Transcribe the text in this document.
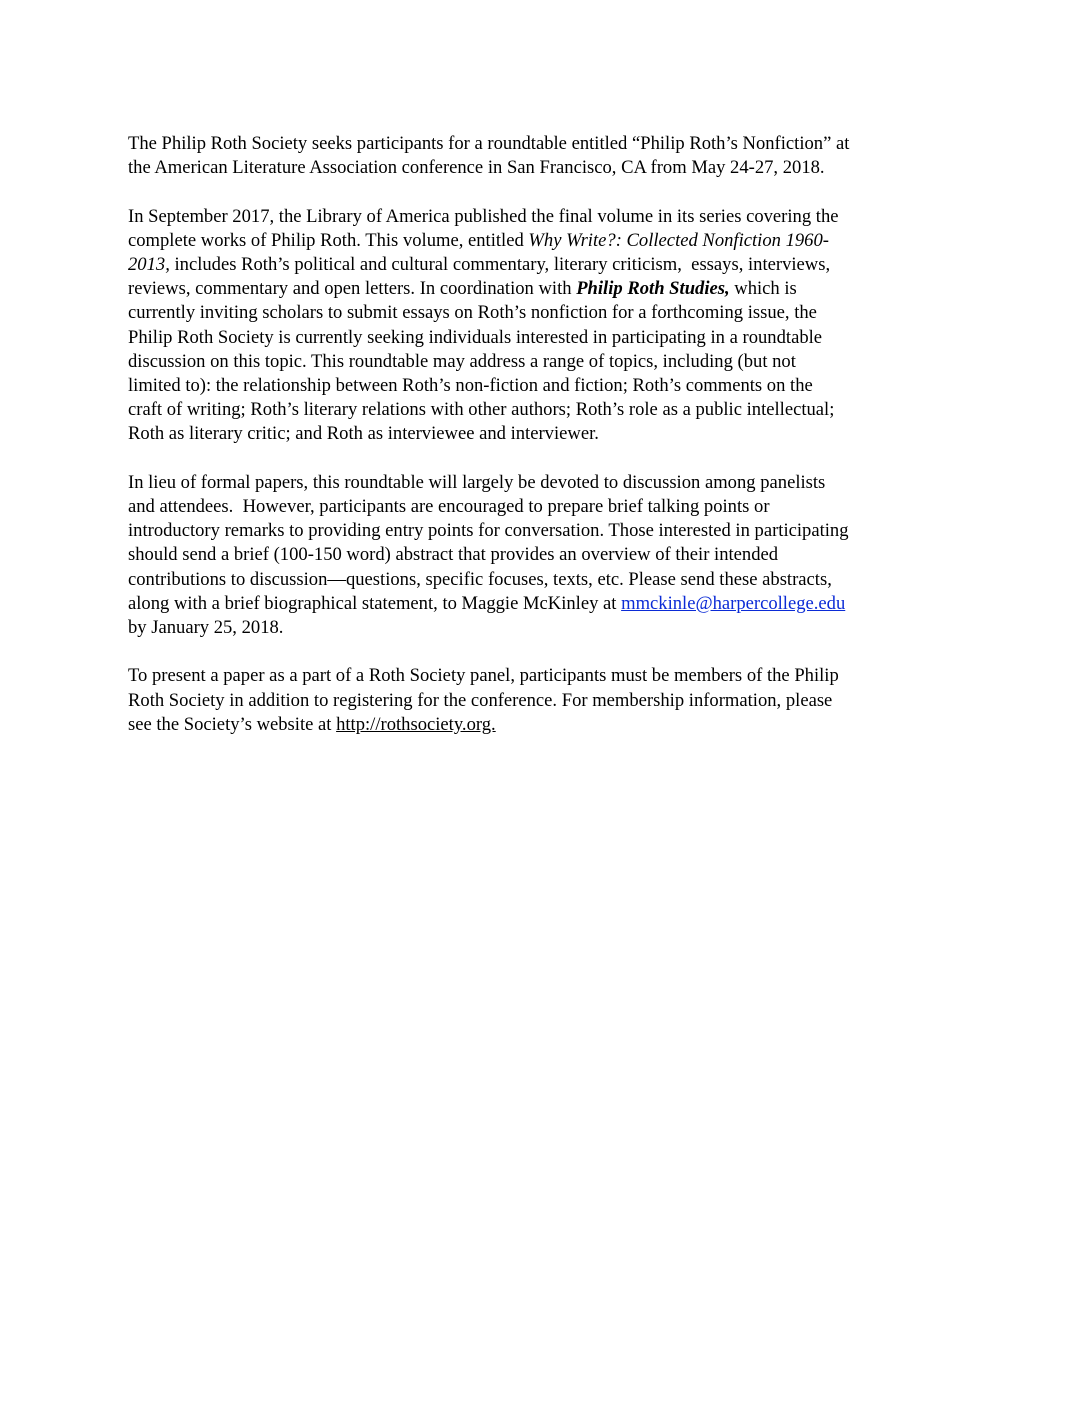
The Philip Roth Society seeks participants for a roundtable entitled “Philip Roth’s Nonfiction” at
the American Literature Association conference in San Francisco, CA from May 24-27, 2018.

In September 2017, the Library of America published the final volume in its series covering the
complete works of Philip Roth. This volume, entitled Why Write?: Collected Nonfiction 1960-
2013, includes Roth’s political and cultural commentary, literary criticism,  essays, interviews,
reviews, commentary and open letters. In coordination with Philip Roth Studies, which is
currently inviting scholars to submit essays on Roth’s nonfiction for a forthcoming issue, the
Philip Roth Society is currently seeking individuals interested in participating in a roundtable
discussion on this topic. This roundtable may address a range of topics, including (but not
limited to): the relationship between Roth’s non-fiction and fiction; Roth’s comments on the
craft of writing; Roth’s literary relations with other authors; Roth’s role as a public intellectual;
Roth as literary critic; and Roth as interviewee and interviewer.

In lieu of formal papers, this roundtable will largely be devoted to discussion among panelists
and attendees.  However, participants are encouraged to prepare brief talking points or
introductory remarks to providing entry points for conversation. Those interested in participating
should send a brief (100-150 word) abstract that provides an overview of their intended
contributions to discussion—questions, specific focuses, texts, etc. Please send these abstracts,
along with a brief biographical statement, to Maggie McKinley at mmckinle@harpercollege.edu
by January 25, 2018.

To present a paper as a part of a Roth Society panel, participants must be members of the Philip
Roth Society in addition to registering for the conference. For membership information, please
see the Society’s website at http://rothsociety.org.
